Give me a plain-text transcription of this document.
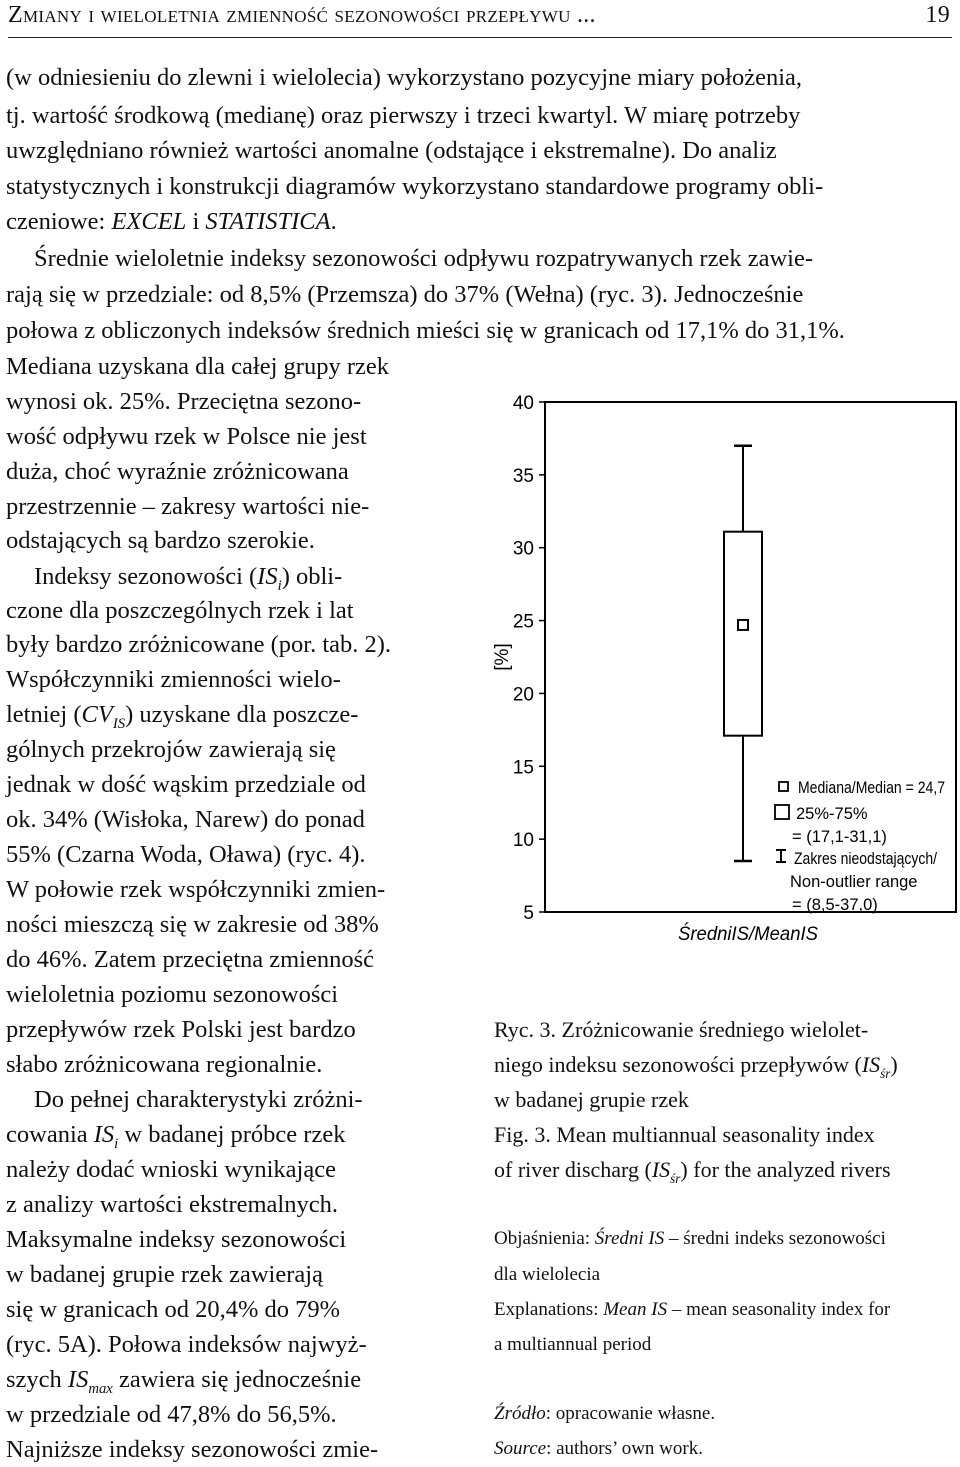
Zmiany i wieloletnia zmienność sezonowości przepływu ...	19
(w odniesieniu do zlewni i wielolecia) wykorzystano pozycyjne miary położenia,
tj. wartość środkową (medianę) oraz pierwszy i trzeci kwartyl. W miarę potrzeby
uwzględniano również wartości anomalne (odstające i ekstremalne). Do analiz
statystycznych i konstrukcji diagramów wykorzystano standardowe programy obli-
czeniowe: EXCEL i STATISTICA.
Średnie wieloletnie indeksy sezonowości odpływu rozpatrywanych rzek zawie-
rają się w przedziale: od 8,5% (Przemsza) do 37% (Wełna) (ryc. 3). Jednocześnie
połowa z obliczonych indeksów średnich mieści się w granicach od 17,1% do 31,1%.
Mediana uzyskana dla całej grupy rzek
wynosi ok. 25%. Przeciętna sezono-
wość odpływu rzek w Polsce nie jest
duża, choć wyraźnie zróżnicowana
przestrzennie – zakresy wartości nie-
odstających są bardzo szerokie.
Indeksy sezonowości $(IS_i)$ obli-
czone dla poszczególnych rzek i lat
były bardzo zróżnicowane (por. tab. 2).
Współczynniki zmienności wielo-
letniej $(CV_{IS})$ uzyskane dla poszcze-
gólnych przekrojów zawierają się
jednak w dość wąskim przedziale od
ok. 34% (Wisłoka, Narew) do ponad
55% (Czarna Woda, Oława) (ryc. 4).
W połowie rzek współczynniki zmien-
ności mieszczą się w zakresie od 38%
do 46%. Zatem przeciętna zmienność
wieloletnia poziomu sezonowości
przepływów rzek Polski jest bardzo
słabo zróżnicowana regionalnie.
Do pełnej charakterystyki zróżni-
cowania $IS_i$ w badanej próbce rzek
należy dodać wnioski wynikające
z analizy wartości ekstremalnych.
Maksymalne indeksy sezonowości
w badanej grupie rzek zawierają
się w granicach od 20,4% do 79%
(ryc. 5A). Połowa indeksów najwyż-
szych $IS_{max}$ zawiera się jednocześnie
w przedziale od 47,8% do 56,5%.
Najniższe indeksy sezonowości zmie-
5
10
15
20
25
30
35
40
[%]
ŚredniIS/MeanIS
Mediana/Median = 24,7
25%-75%
= (17,1-31,1)
Zakres nieodstających/
Non-outlier range
= (8,5-37,0)
Ryc. 3. Zróżnicowanie średniego wielolet-
niego indeksu sezonowości przepływów $(IS_{śr})$
w badanej grupie rzek
Fig. 3. Mean multiannual seasonality index
of river discharg $(IS_{śr})$ for the analyzed rivers
Objaśnienia: Średni IS – średni indeks sezonowości
dla wielolecia
Explanations: Mean IS – mean seasonality index for
a multiannual period
Źródło: opracowanie własne.
Source: authors’ own work.
